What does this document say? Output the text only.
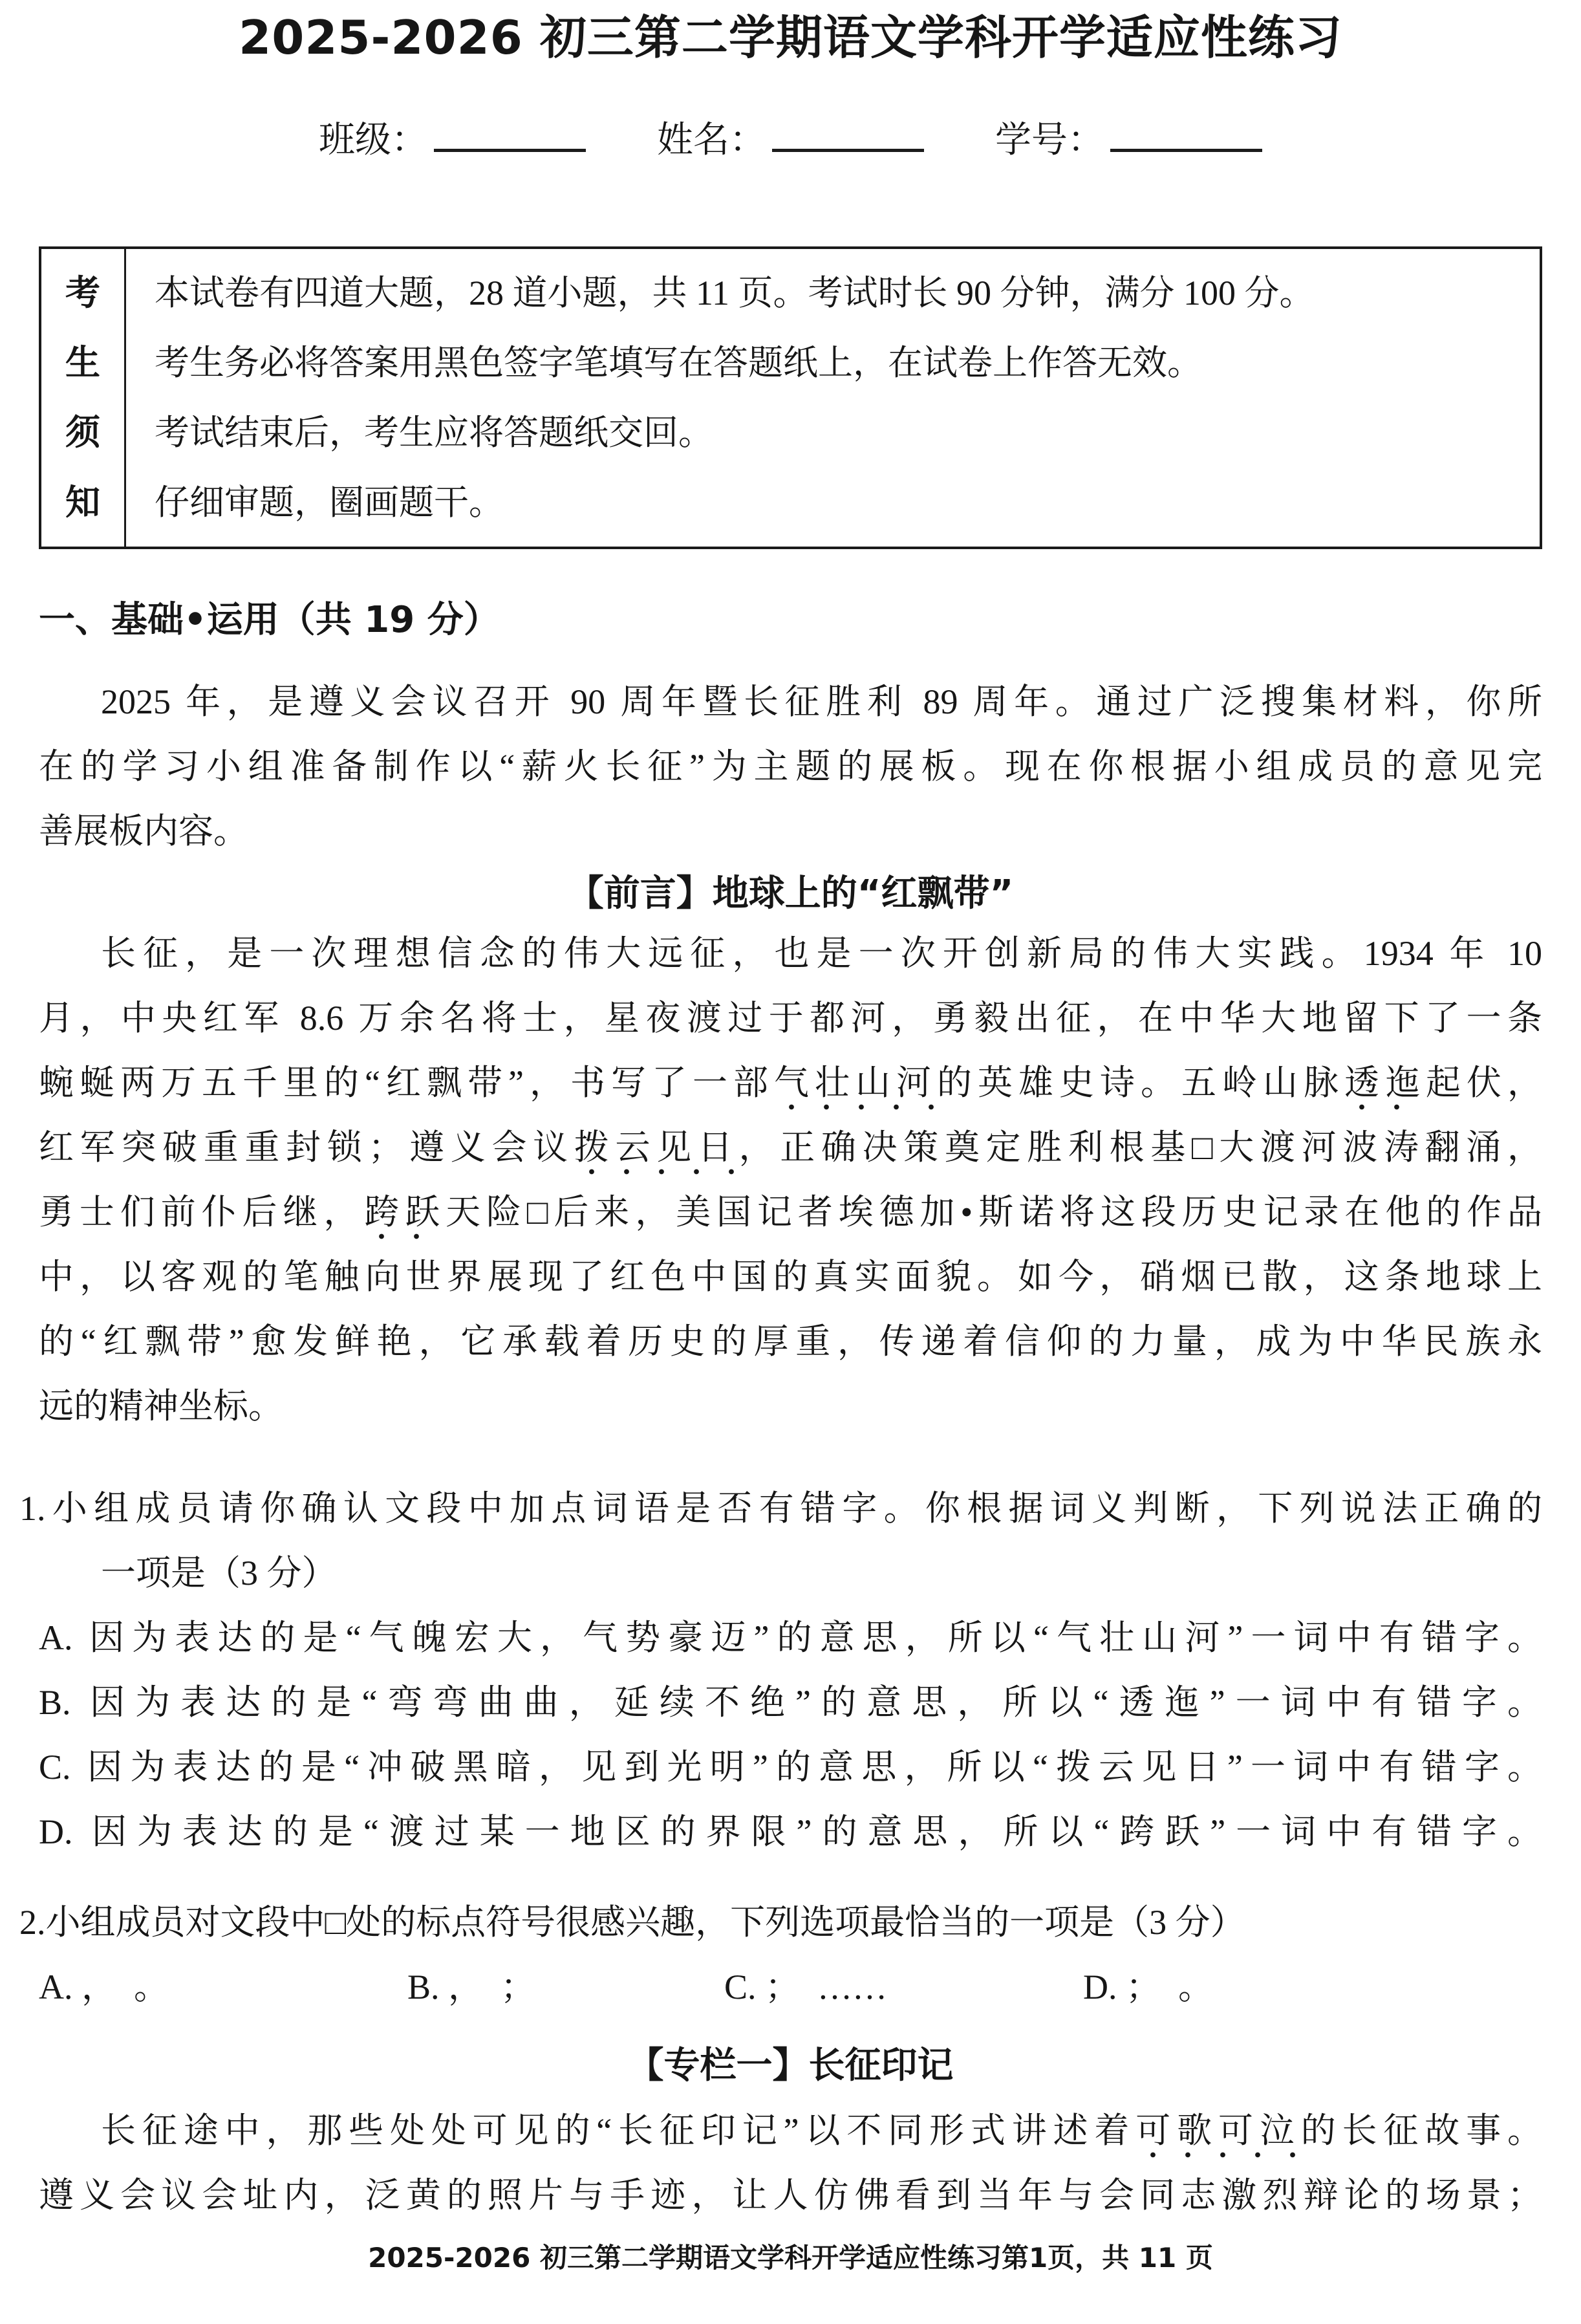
2025-2026 初三第二学期语文学科开学适应性练习
班级：	姓名：	学号：
考
生
须
知
本试卷有四道大题，28 道小题，共 11 页。考试时长 90 分钟，满分 100 分。
考生务必将答案用黑色签字笔填写在答题纸上，在试卷上作答无效。
考试结束后，考生应将答题纸交回。
仔细审题，圈画题干。
一、基础•运用（共 19 分）
2025 年，是遵义会议召开 90 周年暨长征胜利 89 周年。通过广泛搜集材料，你所
在的学习小组准备制作以“薪火长征”为主题的展板。现在你根据小组成员的意见完
善展板内容。
【前言】地球上的“红飘带”
长征，是一次理想信念的伟大远征，也是一次开创新局的伟大实践。1934 年 10
月，中央红军 8.6 万余名将士，星夜渡过于都河，勇毅出征，在中华大地留下了一条
蜿蜒两万五千里的“红飘带”，书写了一部气壮山河的英雄史诗。五岭山脉透迤起伏，
红军突破重重封锁；遵义会议拨云见日，正确决策奠定胜利根基□大渡河波涛翻涌，
勇士们前仆后继，跨跃天险□后来，美国记者埃德加•斯诺将这段历史记录在他的作品
中，以客观的笔触向世界展现了红色中国的真实面貌。如今，硝烟已散，这条地球上
的“红飘带”愈发鲜艳，它承载着历史的厚重，传递着信仰的力量，成为中华民族永
远的精神坐标。
1.小组成员请你确认文段中加点词语是否有错字。你根据词义判断，下列说法正确的
一项是（3 分）
A. 因为表达的是“气魄宏大，气势豪迈”的意思，所以“气壮山河”一词中有错字。
B. 因为表达的是“弯弯曲曲，延续不绝”的意思，所以“透迤”一词中有错字。
C. 因为表达的是“冲破黑暗，见到光明”的意思，所以“拨云见日”一词中有错字。
D. 因为表达的是“渡过某一地区的界限”的意思，所以“跨跃”一词中有错字。
2.小组成员对文段中□处的标点符号很感兴趣，下列选项最恰当的一项是（3 分）
A. ，　。	B. ，　；	C. ；　……	D. ；　。
【专栏一】长征印记
长征途中，那些处处可见的“长征印记”以不同形式讲述着可歌可泣的长征故事。
遵义会议会址内，泛黄的照片与手迹，让人仿佛看到当年与会同志激烈辩论的场景；
2025-2026 初三第二学期语文学科开学适应性练习第1页，共 11 页
